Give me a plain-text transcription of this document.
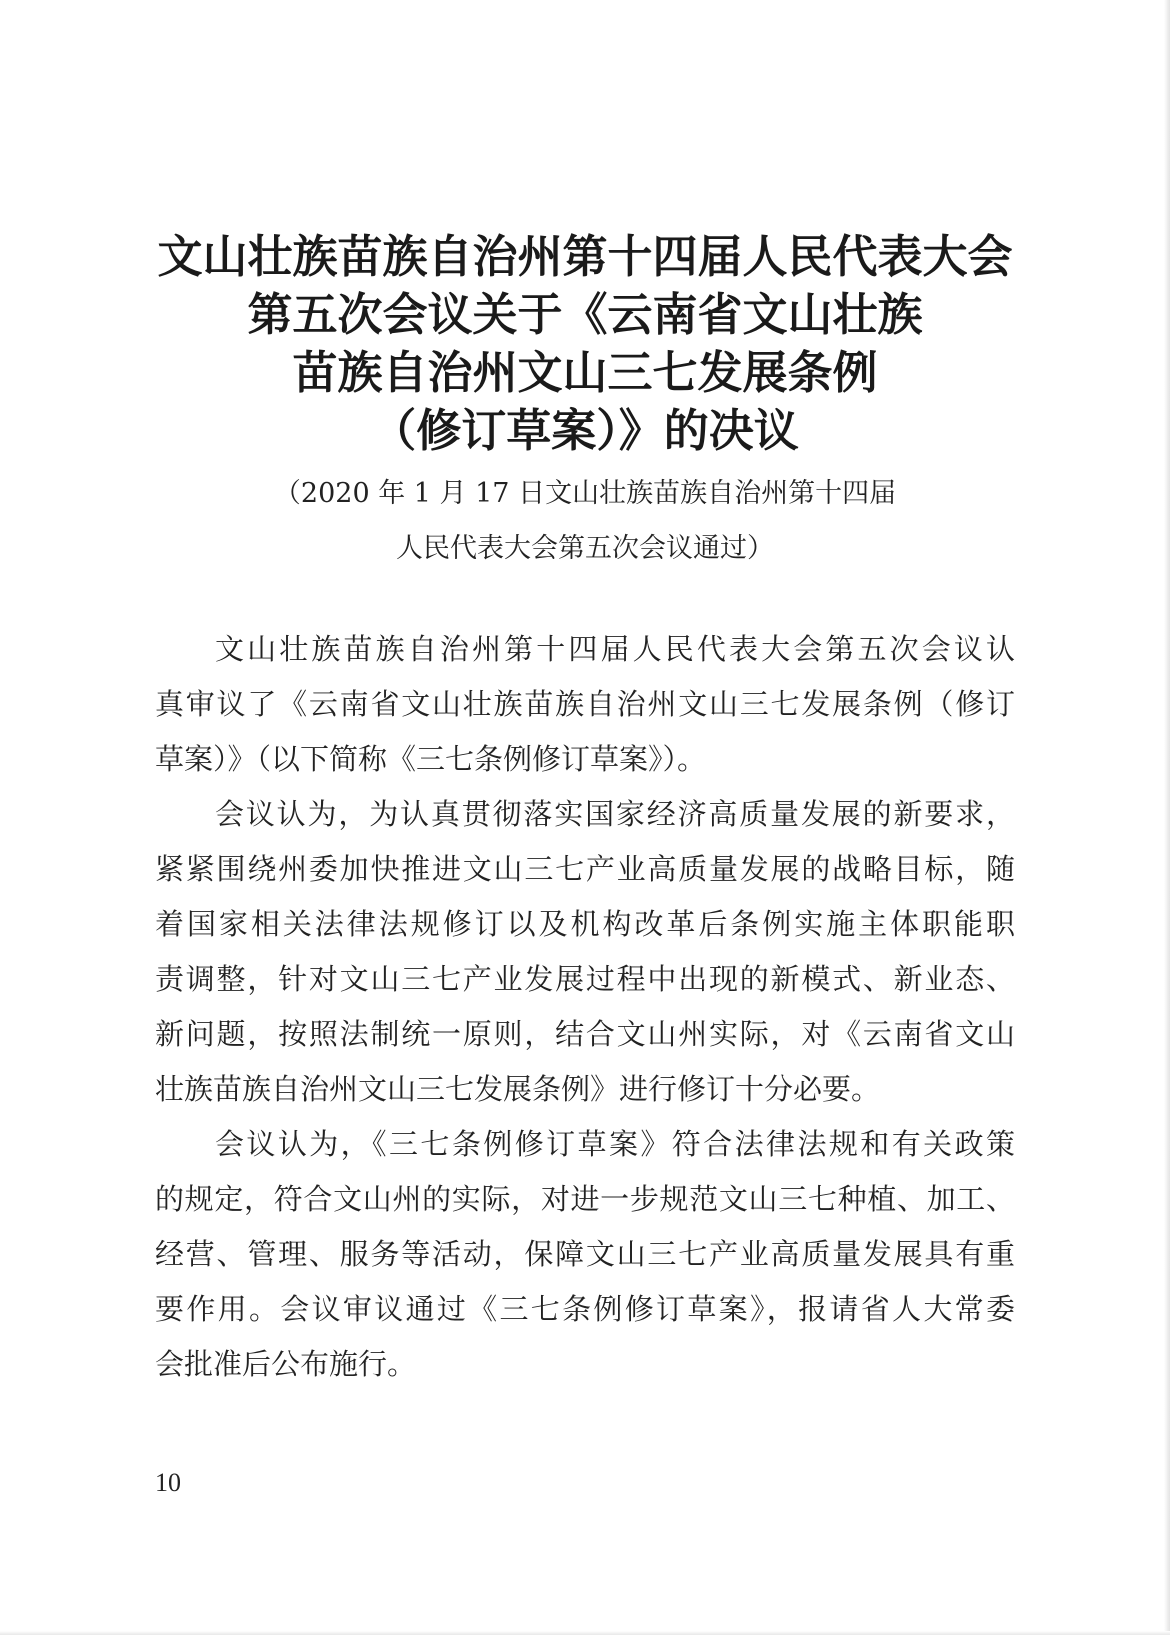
文山壮族苗族自治州第十四届人民代表大会
第五次会议关于《云南省文山壮族
苗族自治州文山三七发展条例
（修订草案）》的决议
（2020 年 1 月 17 日文山壮族苗族自治州第十四届
人民代表大会第五次会议通过）
文山壮族苗族自治州第十四届人民代表大会第五次会议认
真审议了《云南省文山壮族苗族自治州文山三七发展条例（修订
草案）》（以下简称《三七条例修订草案》）。
会议认为，为认真贯彻落实国家经济高质量发展的新要求，
紧紧围绕州委加快推进文山三七产业高质量发展的战略目标，随
着国家相关法律法规修订以及机构改革后条例实施主体职能职
责调整，针对文山三七产业发展过程中出现的新模式、新业态、
新问题，按照法制统一原则，结合文山州实际，对《云南省文山
壮族苗族自治州文山三七发展条例》进行修订十分必要。
会议认为，《三七条例修订草案》符合法律法规和有关政策
的规定，符合文山州的实际，对进一步规范文山三七种植、加工、
经营、管理、服务等活动，保障文山三七产业高质量发展具有重
要作用。会议审议通过《三七条例修订草案》，报请省人大常委
会批准后公布施行。
10
